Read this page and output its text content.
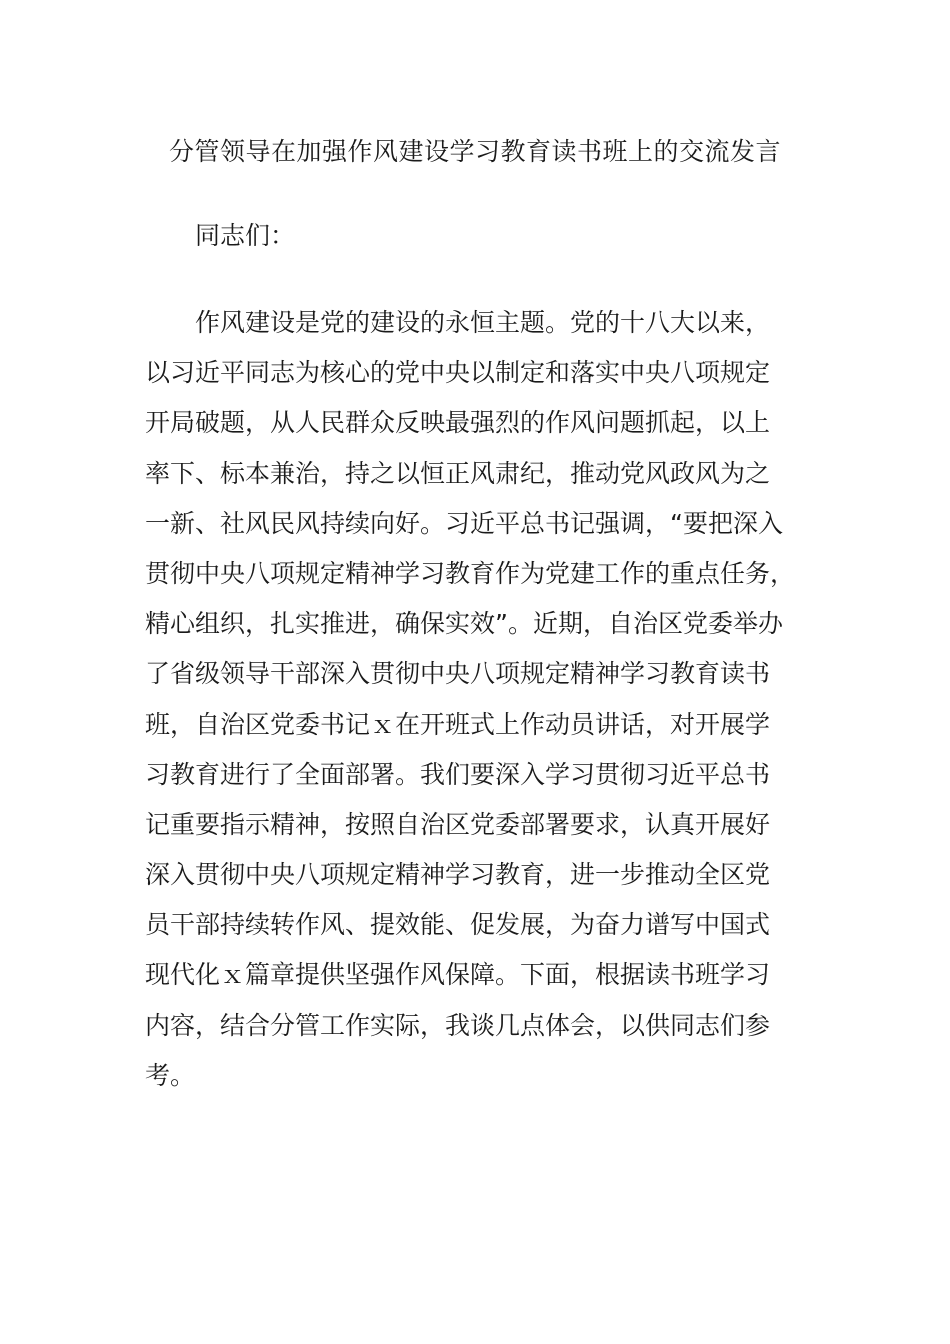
分管领导在加强作风建设学习教育读书班上的交流发言

同志们：

作风建设是党的建设的永恒主题。党的十八大以来，
以习近平同志为核心的党中央以制定和落实中央八项规定
开局破题，从人民群众反映最强烈的作风问题抓起，以上
率下、标本兼治，持之以恒正风肃纪，推动党风政风为之
一新、社风民风持续向好。习近平总书记强调，“要把深入
贯彻中央八项规定精神学习教育作为党建工作的重点任务，
精心组织，扎实推进，确保实效”。近期，自治区党委举办
了省级领导干部深入贯彻中央八项规定精神学习教育读书
班，自治区党委书记ｘ在开班式上作动员讲话，对开展学
习教育进行了全面部署。我们要深入学习贯彻习近平总书
记重要指示精神，按照自治区党委部署要求，认真开展好
深入贯彻中央八项规定精神学习教育，进一步推动全区党
员干部持续转作风、提效能、促发展，为奋力谱写中国式
现代化ｘ篇章提供坚强作风保障。下面，根据读书班学习
内容，结合分管工作实际，我谈几点体会，以供同志们参
考。
